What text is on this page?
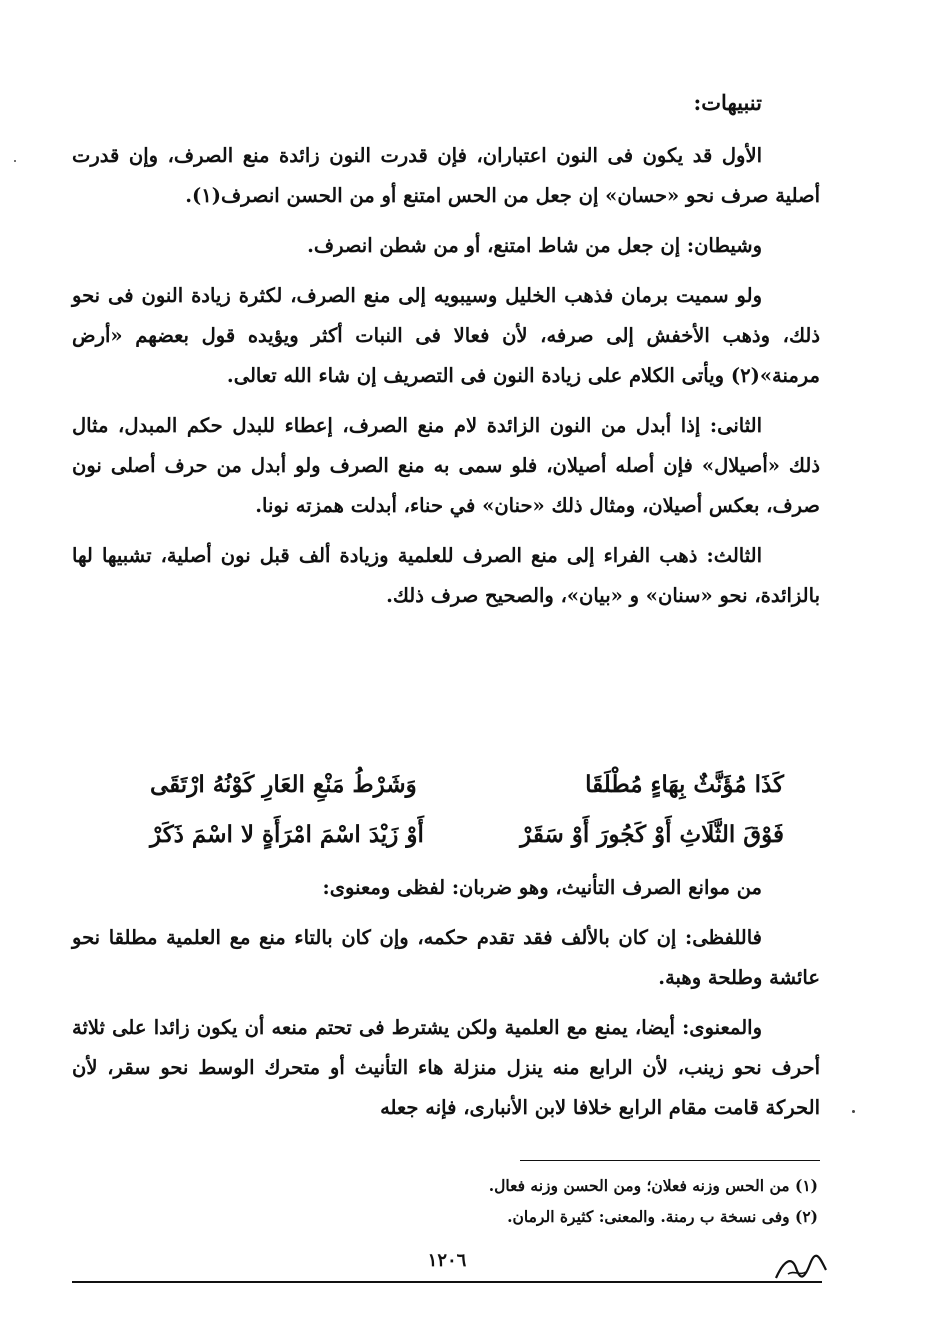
تنبيهات:

الأول قد يكون فى النون اعتباران، فإن قدرت النون زائدة منع الصرف، وإن قدرت أصلية صرف نحو «حسان» إن جعل من الحس امتنع أو من الحسن انصرف(١).

وشيطان: إن جعل من شاط امتنع، أو من شطن انصرف.

ولو سميت برمان فذهب الخليل وسيبويه إلى منع الصرف، لكثرة زيادة النون فى نحو ذلك، وذهب الأخفش إلى صرفه، لأن فعالا فى النبات أكثر ويؤيده قول بعضهم «أرض مرمنة»(٢) ويأتى الكلام على زيادة النون فى التصريف إن شاء الله تعالى.

الثانى: إذا أبدل من النون الزائدة لام منع الصرف، إعطاء للبدل حكم المبدل، مثال ذلك «أصيلال» فإن أصله أصيلان، فلو سمى به منع الصرف ولو أبدل من حرف أصلى نون صرف، بعكس أصيلان، ومثال ذلك «حنان» في حناء، أبدلت همزته نونا.

الثالث: ذهب الفراء إلى منع الصرف للعلمية وزيادة ألف قبل نون أصلية، تشبيها لها بالزائدة، نحو «سنان» و «بيان»، والصحيح صرف ذلك.

كَذَا مُؤَنَّثٌ بِهَاءٍ مُطْلَقَا
وَشَرْطُ مَنْعِ العَارِ كَوْنُهُ ارْتَقَى
فَوْقَ الثَّلَاثِ أَوْ كَجُورَ أَوْ سَقَرْ
أَوْ زَيْدَ اسْمَ امْرَأَةٍ لا اسْمَ ذَكَرْ

من موانع الصرف التأنيث، وهو ضربان: لفظى ومعنوى:

فاللفظى: إن كان بالألف فقد تقدم حكمه، وإن كان بالتاء منع مع العلمية مطلقا نحو عائشة وطلحة وهبة.

والمعنوى: أيضا، يمنع مع العلمية ولكن يشترط فى تحتم منعه أن يكون زائدا على ثلاثة أحرف نحو زينب، لأن الرابع منه ينزل منزلة هاء التأنيث أو متحرك الوسط نحو سقر، لأن الحركة قامت مقام الرابع خلافا لابن الأنبارى، فإنه جعله

(١) من الحس وزنه فعلان؛ ومن الحسن وزنه فعال.

(٢) وفى نسخة ب رمنة. والمعنى: كثيرة الرمان.

١٢٠٦
